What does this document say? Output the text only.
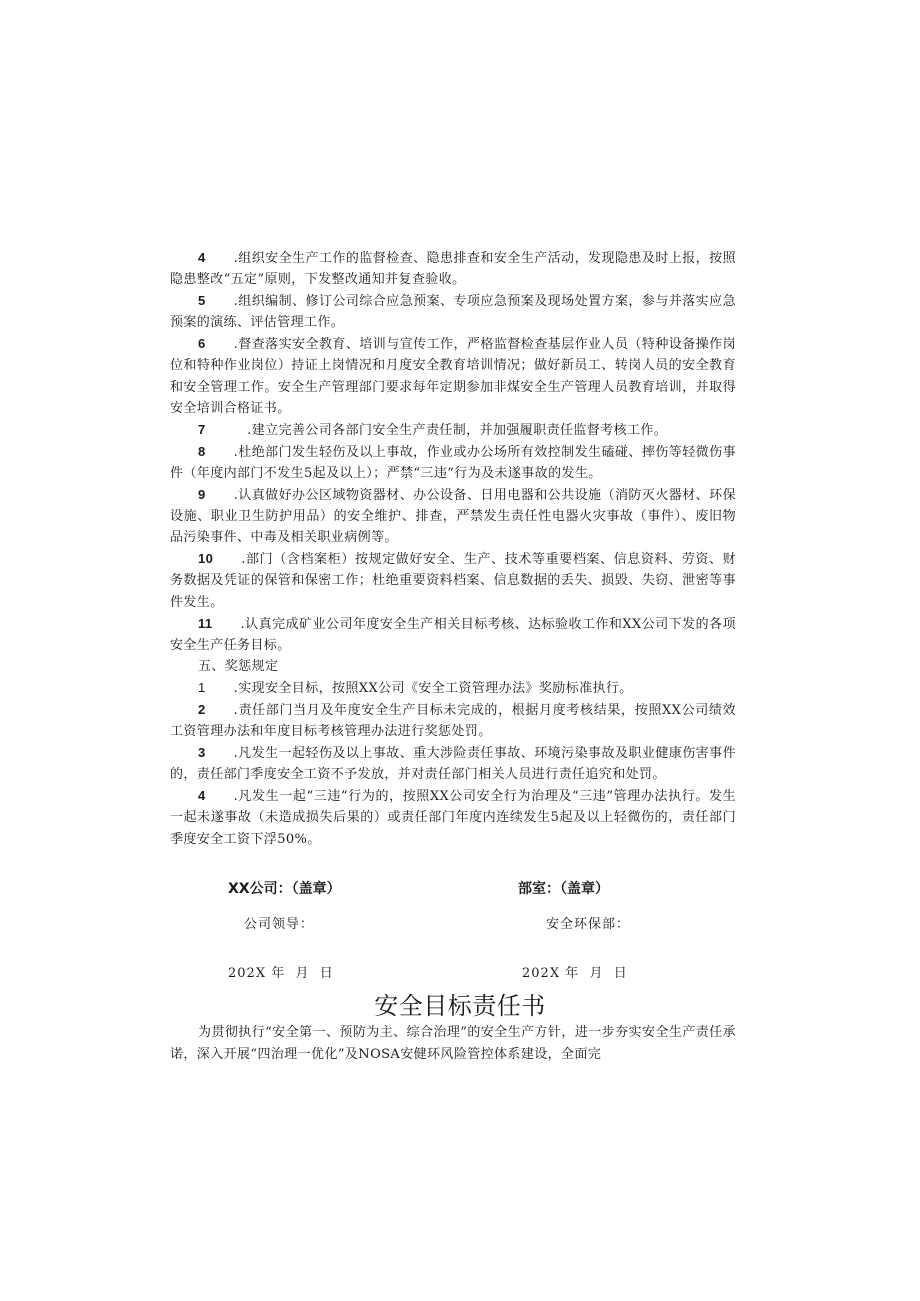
4.组织安全生产工作的监督检查、隐患排查和安全生产活动，发现隐患及时上报，按照隐患整改“五定”原则，下发整改通知并复查验收。

5.组织编制、修订公司综合应急预案、专项应急预案及现场处置方案，参与并落实应急预案的演练、评估管理工作。

6.督查落实安全教育、培训与宣传工作，严格监督检查基层作业人员（特种设备操作岗位和特种作业岗位）持证上岗情况和月度安全教育培训情况；做好新员工、转岗人员的安全教育和安全管理工作。安全生产管理部门要求每年定期参加非煤安全生产管理人员教育培训，并取得安全培训合格证书。

7   .建立完善公司各部门安全生产责任制，并加强履职责任监督考核工作。

8.杜绝部门发生轻伤及以上事故，作业或办公场所有效控制发生磕碰、摔伤等轻微伤事件（年度内部门不发生5起及以上）；严禁“三违”行为及未遂事故的发生。

9.认真做好办公区域物资器材、办公设备、日用电器和公共设施（消防灭火器材、环保设施、职业卫生防护用品）的安全维护、排查，严禁发生责任性电器火灾事故（事件）、废旧物品污染事件、中毒及相关职业病例等。

10.部门（含档案柜）按规定做好安全、生产、技术等重要档案、信息资料、劳资、财务数据及凭证的保管和保密工作；杜绝重要资料档案、信息数据的丢失、损毁、失窃、泄密等事件发生。

11.认真完成矿业公司年度安全生产相关目标考核、达标验收工作和XX公司下发的各项安全生产任务目标。

五、奖惩规定

1 .实现安全目标，按照XX公司《安全工资管理办法》奖励标准执行。

2.责任部门当月及年度安全生产目标未完成的，根据月度考核结果，按照XX公司绩效工资管理办法和年度目标考核管理办法进行奖惩处罚。

3.凡发生一起轻伤及以上事故、重大涉险责任事故、环境污染事故及职业健康伤害事件的，责任部门季度安全工资不予发放，并对责任部门相关人员进行责任追究和处罚。

4.凡发生一起“三违”行为的，按照XX公司安全行为治理及“三违”管理办法执行。发生一起未遂事故（未造成损失后果的）或责任部门年度内连续发生5起及以上轻微伤的，责任部门季度安全工资下浮50%。

XX公司：（盖章）	部室：（盖章）
公司领导：	安全环保部：
202X 年  月  日	202X 年  月  日
安全目标责任书

为贯彻执行“安全第一、预防为主、综合治理”的安全生产方针，进一步夯实安全生产责任承诺，深入开展“四治理一优化”及NOSA安健环风险管控体系建设，全面完
